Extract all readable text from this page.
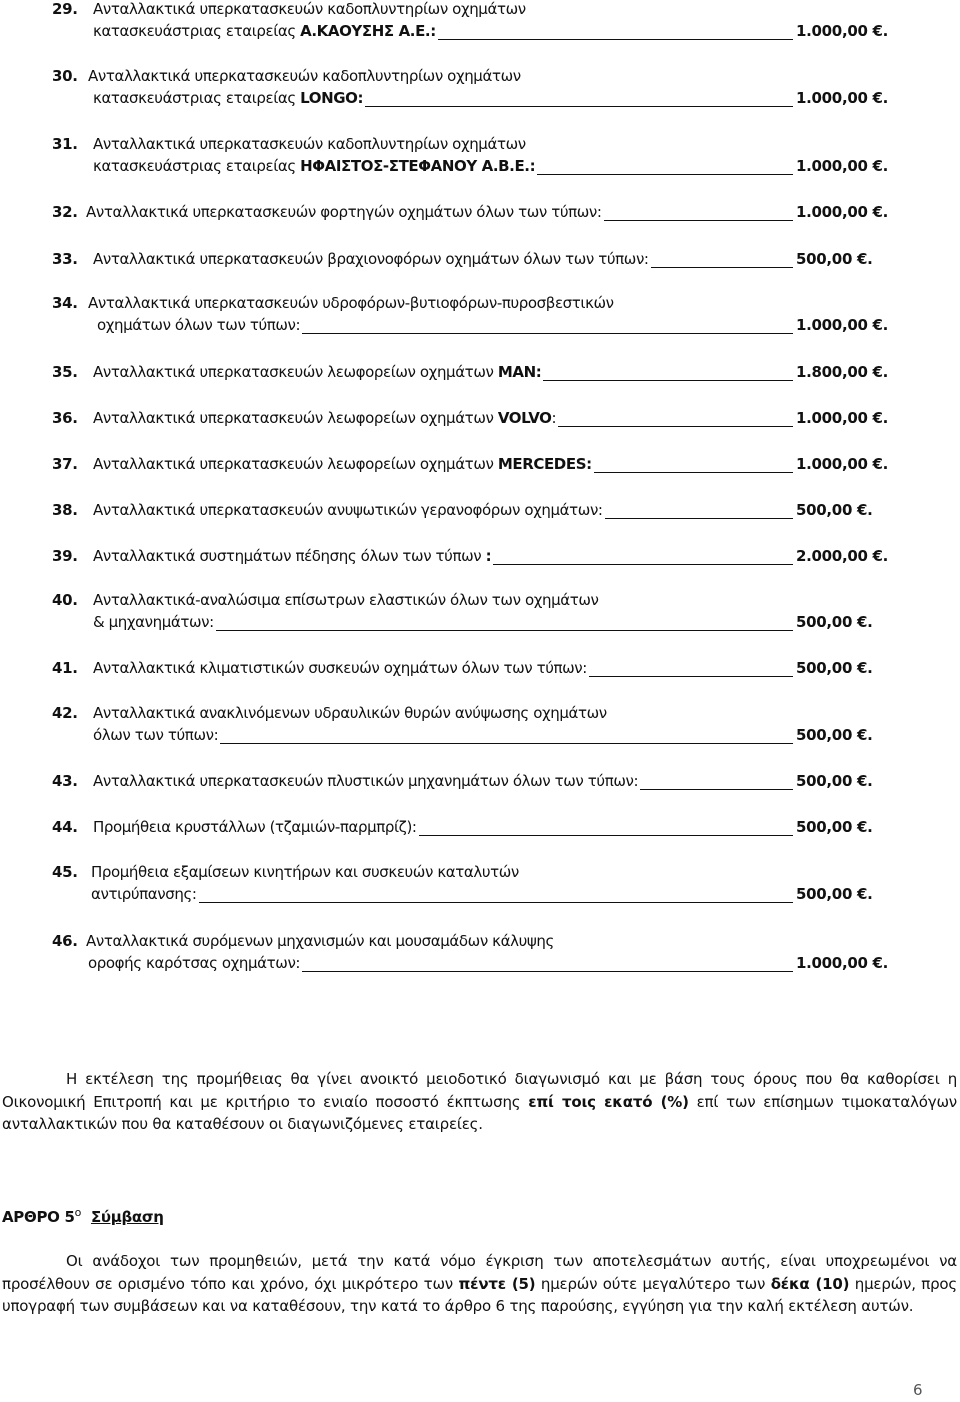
29. Ανταλλακτικά υπερκατασκευών καδοπλυντηρίων οχημάτων
κατασκευάστριας εταιρείας Α.ΚΑΟΥΣΗΣ Α.Ε.:	1.000,00 €.
30. Ανταλλακτικά υπερκατασκευών καδοπλυντηρίων οχημάτων
κατασκευάστριας εταιρείας LONGO:	1.000,00 €.
31. Ανταλλακτικά υπερκατασκευών καδοπλυντηρίων οχημάτων
κατασκευάστριας εταιρείας ΗΦΑΙΣΤΟΣ-ΣΤΕΦΑΝΟΥ Α.Β.Ε.:	1.000,00 €.
32. Ανταλλακτικά υπερκατασκευών φορτηγών οχημάτων όλων των τύπων:	1.000,00 €.
33. Ανταλλακτικά υπερκατασκευών βραχιονοφόρων οχημάτων όλων των τύπων:	500,00 €.
34. Ανταλλακτικά υπερκατασκευών υδροφόρων-βυτιοφόρων-πυροσβεστικών
οχημάτων όλων των τύπων:	1.000,00 €.
35. Ανταλλακτικά υπερκατασκευών λεωφορείων οχημάτων MAN:	1.800,00 €.
36. Ανταλλακτικά υπερκατασκευών λεωφορείων οχημάτων VOLVO:	1.000,00 €.
37. Ανταλλακτικά υπερκατασκευών λεωφορείων οχημάτων MERCEDES:	1.000,00 €.
38. Ανταλλακτικά υπερκατασκευών ανυψωτικών γερανοφόρων οχημάτων:	500,00 €.
39. Ανταλλακτικά συστημάτων πέδησης όλων των τύπων :	2.000,00 €.
40. Ανταλλακτικά-αναλώσιμα επίσωτρων ελαστικών όλων των οχημάτων
& μηχανημάτων:	500,00 €.
41. Ανταλλακτικά κλιματιστικών συσκευών οχημάτων όλων των τύπων:	500,00 €.
42. Ανταλλακτικά ανακλινόμενων υδραυλικών θυρών ανύψωσης οχημάτων
όλων των τύπων:	500,00 €.
43. Ανταλλακτικά υπερκατασκευών πλυστικών μηχανημάτων όλων των τύπων:	500,00 €.
44. Προμήθεια κρυστάλλων (τζαμιών-παρμπρίζ):	500,00 €.
45. Προμήθεια εξαμίσεων κινητήρων και συσκευών καταλυτών
αντιρύπανσης:	500,00 €.
46. Ανταλλακτικά συρόμενων μηχανισμών και μουσαμάδων κάλυψης
οροφής καρότσας οχημάτων:	1.000,00 €.
Η εκτέλεση της προμήθειας θα γίνει ανοικτό μειοδοτικό διαγωνισμό και με βάση τους όρους που θα καθορίσει η Οικονομική Επιτροπή και με κριτήριο το ενιαίο ποσοστό έκπτωσης επί τοις εκατό (%) επί των επίσημων τιμοκαταλόγων ανταλλακτικών που θα καταθέσουν οι διαγωνιζόμενες εταιρείες.
ΑΡΘΡΟ $5^o$ Σύμβαση
Οι ανάδοχοι των προμηθειών, μετά την κατά νόμο έγκριση των αποτελεσμάτων αυτής, είναι υποχρεωμένοι να προσέλθουν σε ορισμένο τόπο και χρόνο, όχι μικρότερο των πέντε (5) ημερών ούτε μεγαλύτερο των δέκα (10) ημερών, προς υπογραφή των συμβάσεων και να καταθέσουν, την κατά το άρθρο 6 της παρούσης, εγγύηση για την καλή εκτέλεση αυτών.
6
